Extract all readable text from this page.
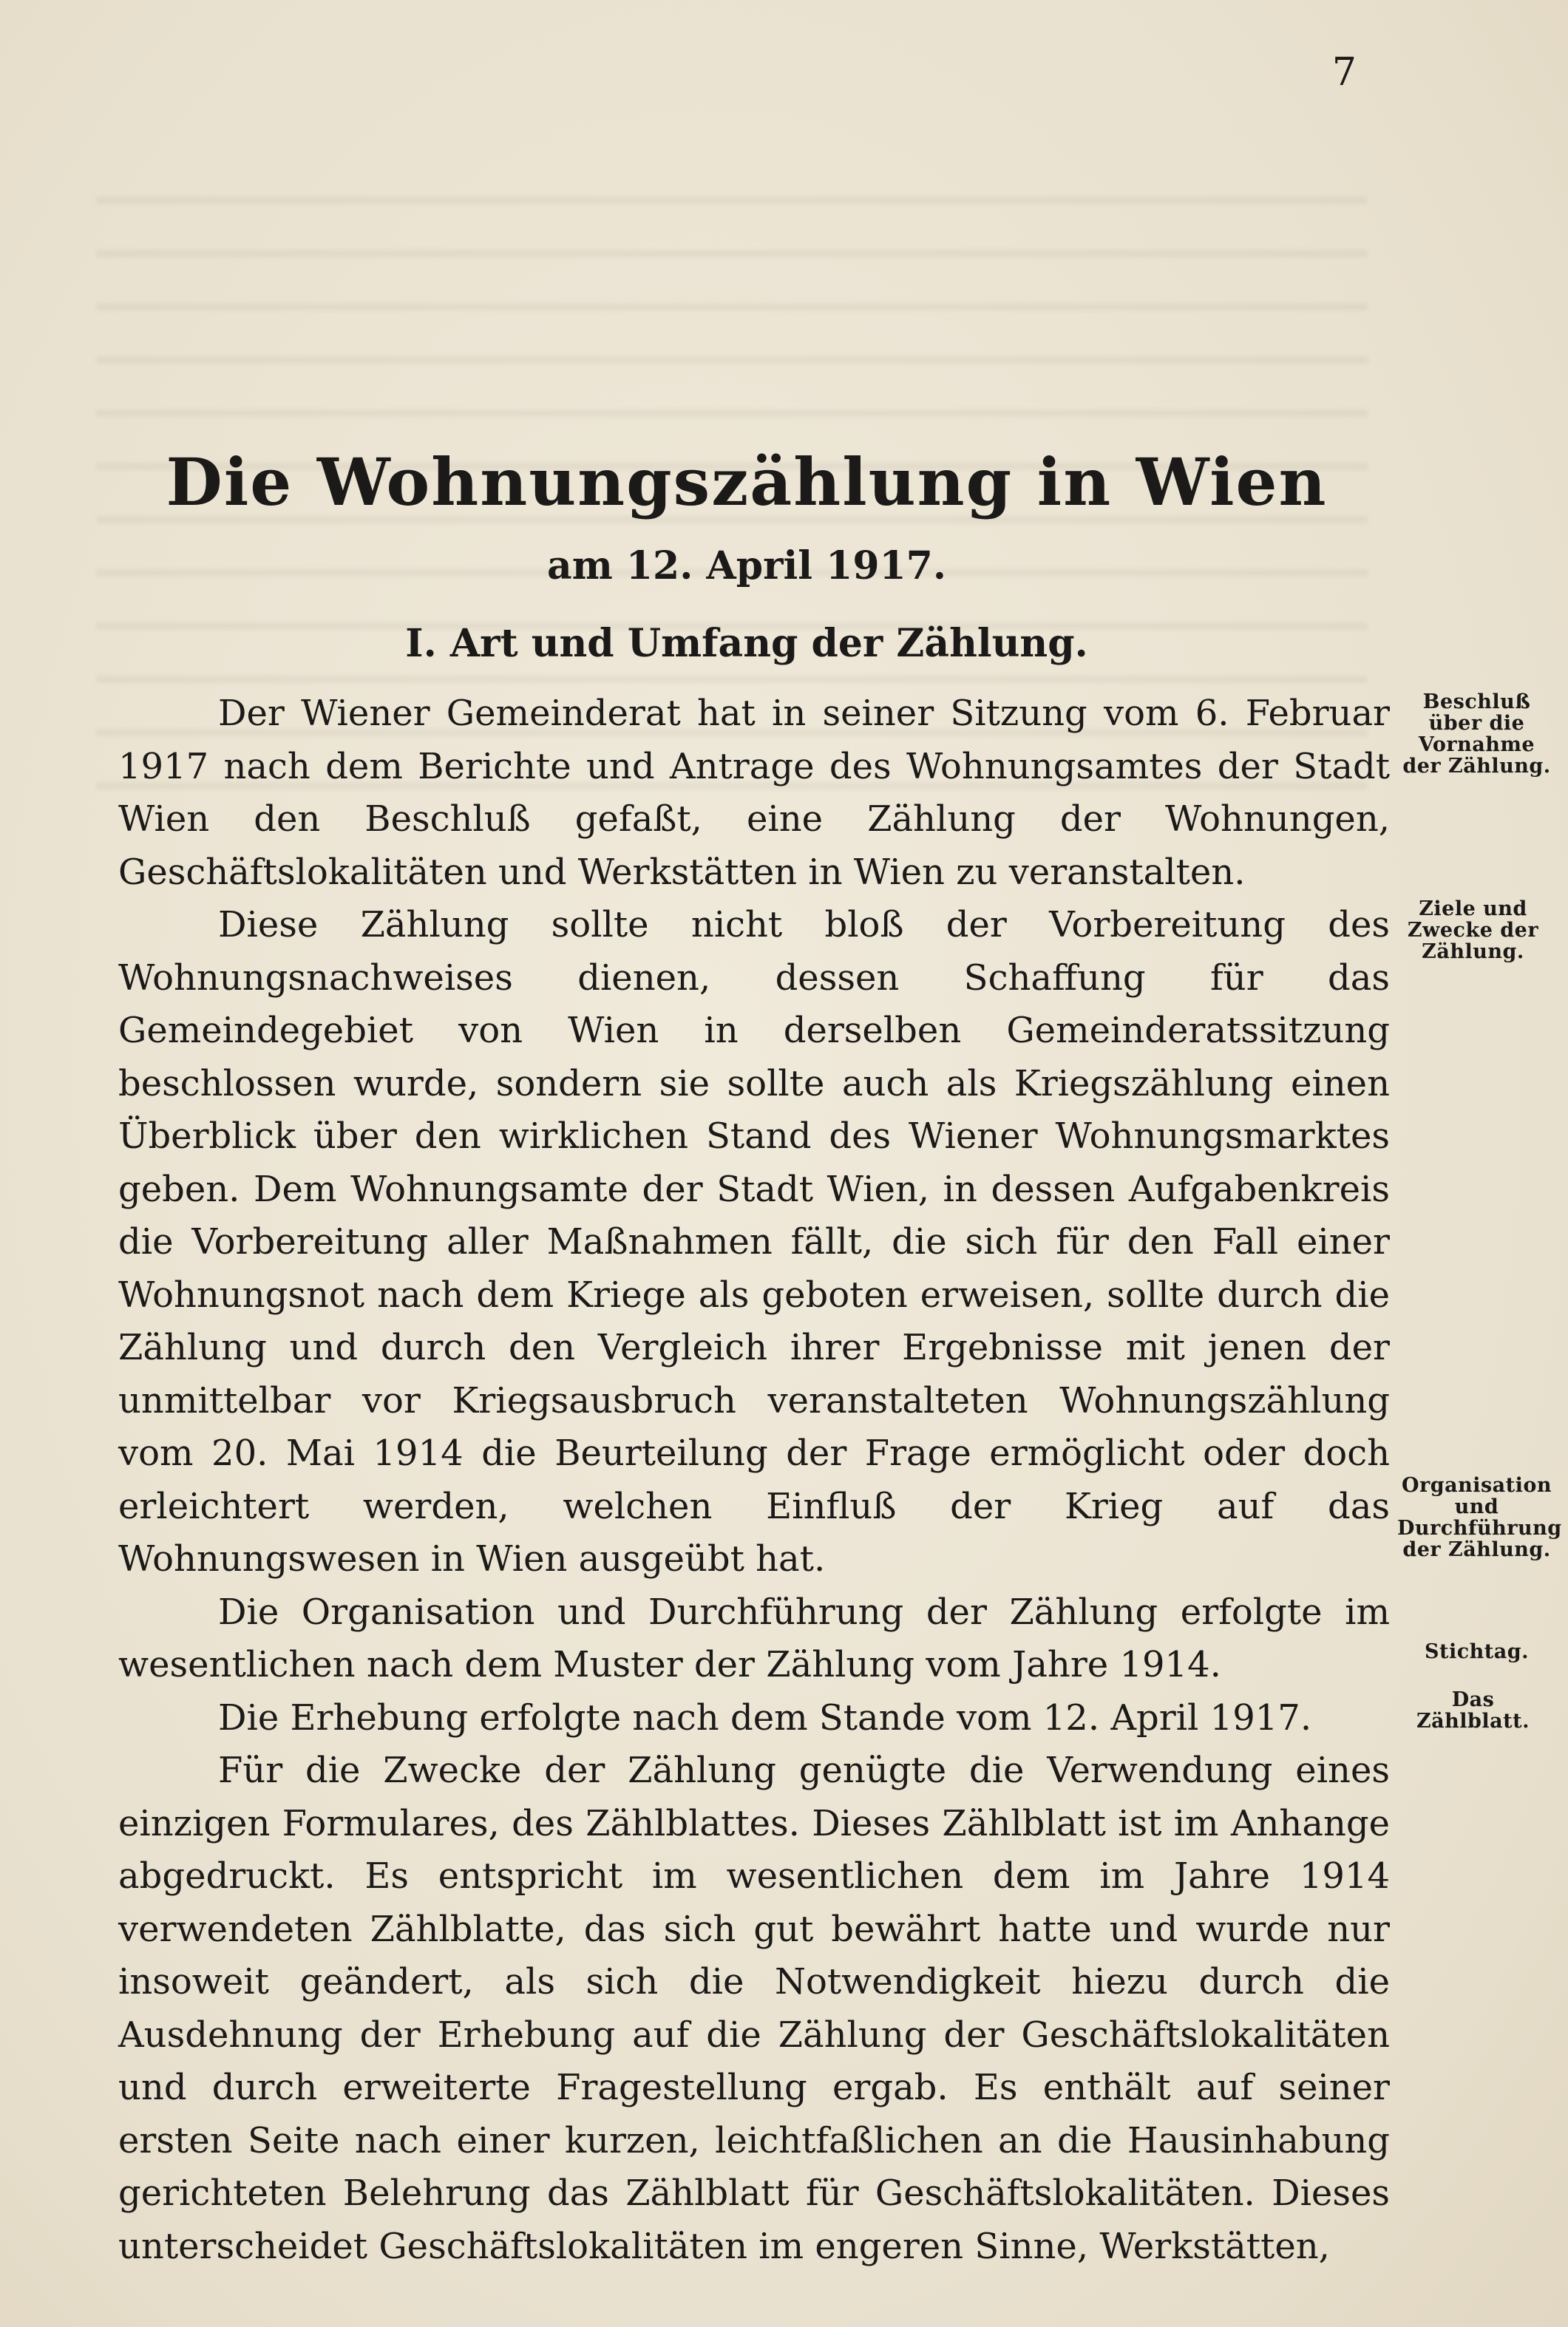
7
Die Wohnungszählung in Wien
am 12. April 1917.
I. Art und Umfang der Zählung.

Der Wiener Gemeinderat hat in seiner Sitzung vom 6. Februar 1917 nach dem Berichte und Antrage des Wohnungsamtes der Stadt Wien den Beschluß gefaßt, eine Zählung der Wohnungen, Geschäftslokalitäten und Werkstätten in Wien zu veranstalten.

Diese Zählung sollte nicht bloß der Vorbereitung des Wohnungsnachweises dienen, dessen Schaffung für das Gemeindegebiet von Wien in derselben Gemeinderatssitzung beschlossen wurde, sondern sie sollte auch als Kriegszählung einen Überblick über den wirklichen Stand des Wiener Wohnungsmarktes geben. Dem Wohnungsamte der Stadt Wien, in dessen Aufgabenkreis die Vorbereitung aller Maßnahmen fällt, die sich für den Fall einer Wohnungsnot nach dem Kriege als geboten erweisen, sollte durch die Zählung und durch den Vergleich ihrer Ergebnisse mit jenen der unmittelbar vor Kriegsausbruch veranstalteten Wohnungszählung vom 20. Mai 1914 die Beurteilung der Frage ermöglicht oder doch erleichtert werden, welchen Einfluß der Krieg auf das Wohnungswesen in Wien ausgeübt hat.

Die Organisation und Durchführung der Zählung erfolgte im wesentlichen nach dem Muster der Zählung vom Jahre 1914.

Die Erhebung erfolgte nach dem Stande vom 12. April 1917.

Für die Zwecke der Zählung genügte die Verwendung eines einzigen Formulares, des Zählblattes. Dieses Zählblatt ist im Anhange abgedruckt. Es entspricht im wesentlichen dem im Jahre 1914 verwendeten Zählblatte, das sich gut bewährt hatte und wurde nur insoweit geändert, als sich die Notwendigkeit hiezu durch die Ausdehnung der Erhebung auf die Zählung der Geschäftslokalitäten und durch erweiterte Fragestellung ergab. Es enthält auf seiner ersten Seite nach einer kurzen, leichtfaßlichen an die Hausinhabung gerichteten Belehrung das Zählblatt für Geschäftslokalitäten. Dieses unterscheidet Geschäftslokalitäten im engeren Sinne, Werkstätten,

Beschluß über die Vornahme der Zählung.
Ziele und Zwecke der Zählung.
Organisation und Durchführung der Zählung.
Stichtag.
Das Zählblatt.
